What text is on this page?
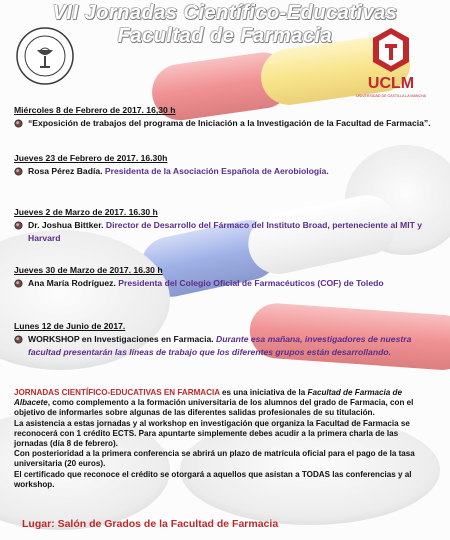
VII Jornadas Científico-Educativas
Facultad de Farmacia
UCLM
UNIVERSIDAD DE CASTILLA LA MANCHA
Miércoles 8 de Febrero de 2017. 16,30 h
“Exposición de trabajos del programa de Iniciación a la Investigación de la Facultad de Farmacia”.
Jueves 23 de Febrero de 2017. 16.30h
Rosa Pérez Badía. Presidenta de la Asociación Española de Aerobiología.
Jueves 2 de Marzo de 2017. 16.30 h
Dr. Joshua Bittker. Director de Desarrollo del Fármaco del Instituto Broad, perteneciente al MIT y Harvard
Jueves 30 de Marzo de 2017. 16.30 h
Ana María Rodríguez. Presidenta del Colegio Oficial de Farmacéuticos (COF) de Toledo
Lunes 12 de Junio de 2017.
WORKSHOP en Investigaciones en Farmacia. Durante esa mañana, investigadores de nuestra facultad presentarán las líneas de trabajo que los diferentes grupos están desarrollando.

JORNADAS CIENTÍFICO-EDUCATIVAS EN FARMACIA es una iniciativa de la Facultad de Farmacia de Albacete, como complemento a la formación universitaria de los alumnos del grado de Farmacia, con el objetivo de informarles sobre algunas de las diferentes salidas profesionales de su titulación.

La asistencia a estas jornadas y al workshop en investigación que organiza la Facultad de Farmacia se reconocerá con 1 crédito ECTS. Para apuntarte simplemente debes acudir a la primera charla de las jornadas (día 8 de febrero).

Con posterioridad a la primera conferencia se abrirá un plazo de matrícula oficial para el pago de la tasa universitaria (20 euros).

El certificado que reconoce el crédito se otorgará a aquellos que asistan a TODAS las conferencias y al workshop.

Lugar: Salón de Grados de la Facultad de Farmacia
